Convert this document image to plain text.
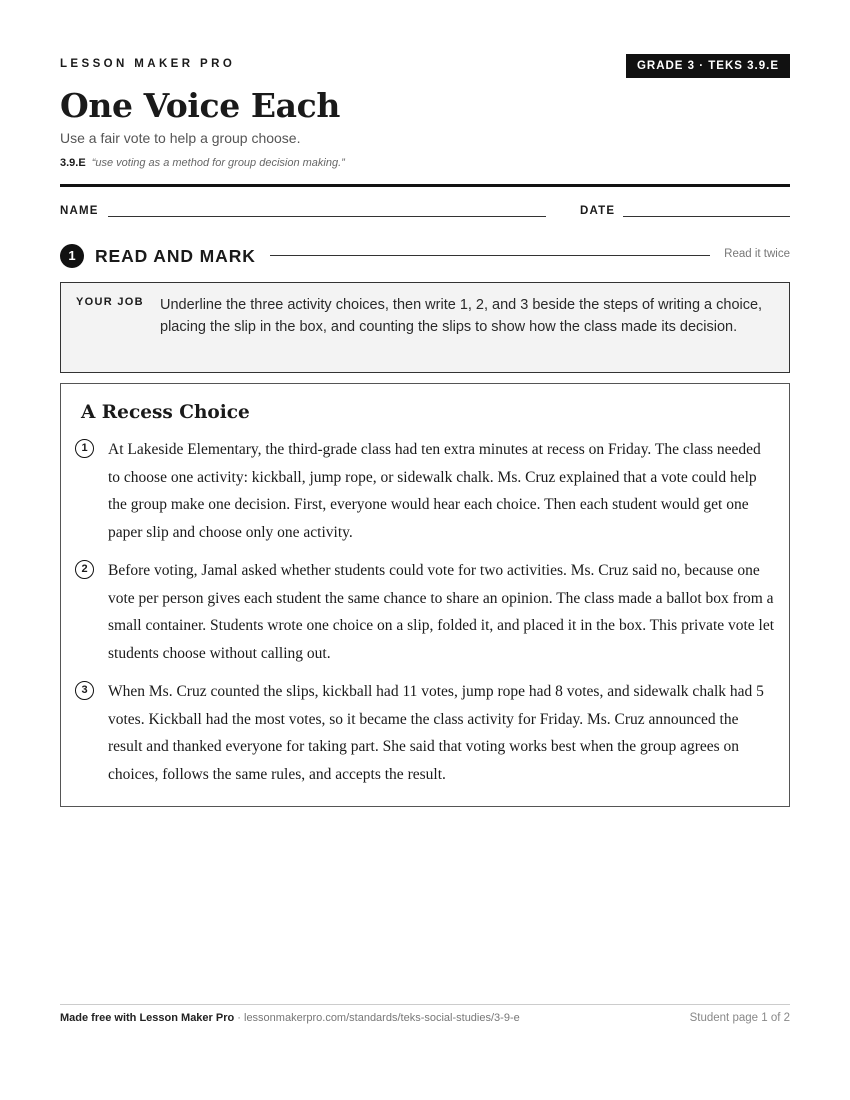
LESSON MAKER PRO	GRADE 3 · TEKS 3.9.E
One Voice Each
Use a fair vote to help a group choose.
3.9.E “use voting as a method for group decision making.”
NAME	DATE
1	READ AND MARK	Read it twice
YOUR JOB Underline the three activity choices, then write 1, 2, and 3 beside the steps of writing a choice, placing the slip in the box, and counting the slips to show how the class made its decision.
A Recess Choice
1	At Lakeside Elementary, the third-grade class had ten extra minutes at recess on Friday. The class needed to choose one activity: kickball, jump rope, or sidewalk chalk. Ms. Cruz explained that a vote could help the group make one decision. First, everyone would hear each choice. Then each student would get one paper slip and choose only one activity.
2	Before voting, Jamal asked whether students could vote for two activities. Ms. Cruz said no, because one vote per person gives each student the same chance to share an opinion. The class made a ballot box from a small container. Students wrote one choice on a slip, folded it, and placed it in the box. This private vote let students choose without calling out.
3	When Ms. Cruz counted the slips, kickball had 11 votes, jump rope had 8 votes, and sidewalk chalk had 5 votes. Kickball had the most votes, so it became the class activity for Friday. Ms. Cruz announced the result and thanked everyone for taking part. She said that voting works best when the group agrees on choices, follows the same rules, and accepts the result.
Made free with Lesson Maker Pro · lessonmakerpro.com/standards/teks-social-studies/3-9-e	Student page 1 of 2
